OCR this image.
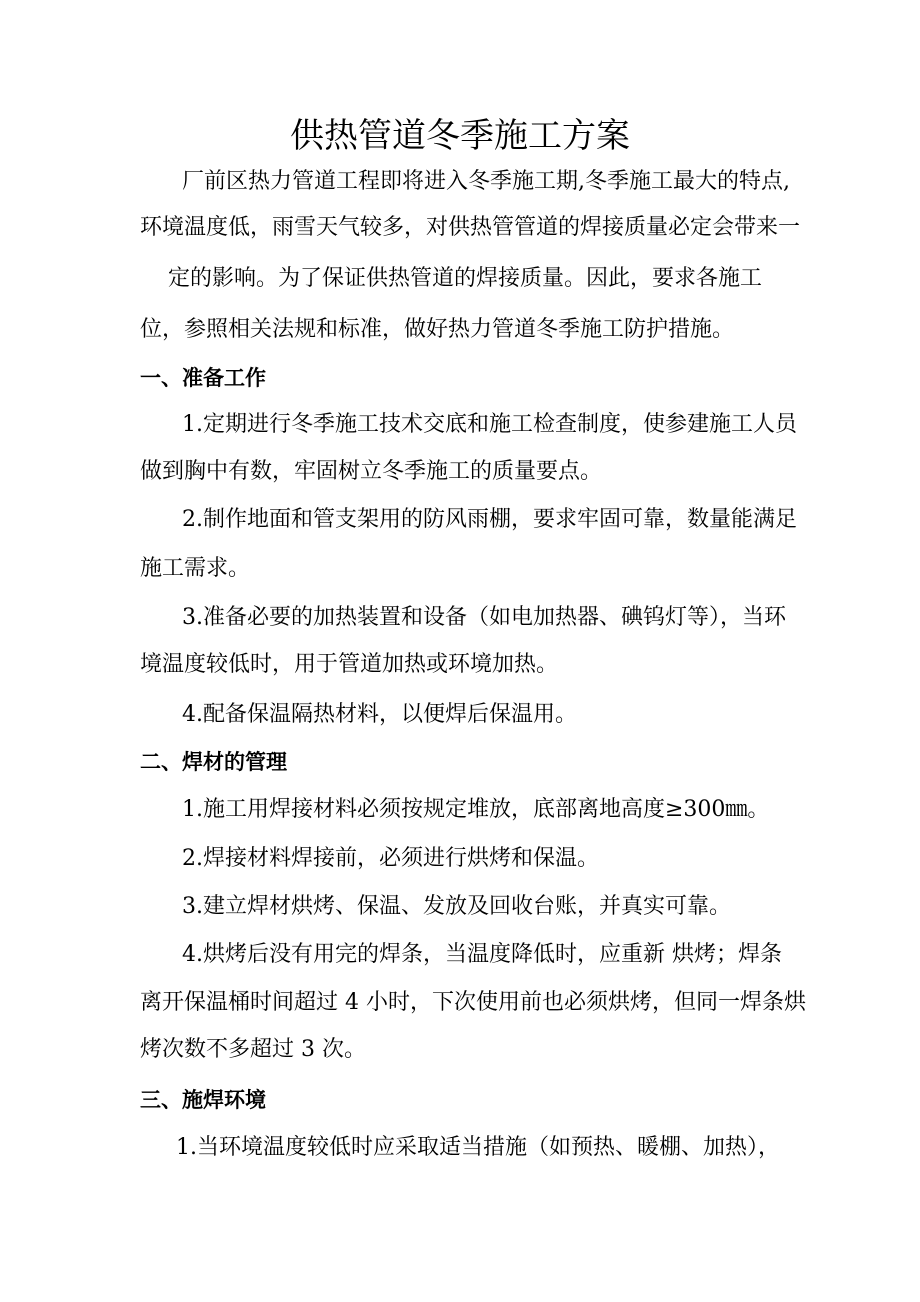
供热管道冬季施工方案
厂前区热力管道工程即将进入冬季施工期,冬季施工最大的特点,
环境温度低，雨雪天气较多，对供热管管道的焊接质量必定会带来一
定的影响。为了保证供热管道的焊接质量。因此，要求各施工
位，参照相关法规和标准，做好热力管道冬季施工防护措施。
一、准备工作
1.定期进行冬季施工技术交底和施工检查制度，使参建施工人员
做到胸中有数，牢固树立冬季施工的质量要点。
2.制作地面和管支架用的防风雨棚，要求牢固可靠，数量能满足
施工需求。
3.准备必要的加热装置和设备（如电加热器、碘钨灯等），当环
境温度较低时，用于管道加热或环境加热。
4.配备保温隔热材料，以便焊后保温用。
二、焊材的管理
1.施工用焊接材料必须按规定堆放，底部离地高度≥300㎜。
2.焊接材料焊接前，必须进行烘烤和保温。
3.建立焊材烘烤、保温、发放及回收台账，并真实可靠。
4.烘烤后没有用完的焊条，当温度降低时，应重新 烘烤；焊条
离开保温桶时间超过 4 小时，下次使用前也必须烘烤，但同一焊条烘
烤次数不多超过 3 次。
三、施焊环境
1.当环境温度较低时应采取适当措施（如预热、暖棚、加热），
